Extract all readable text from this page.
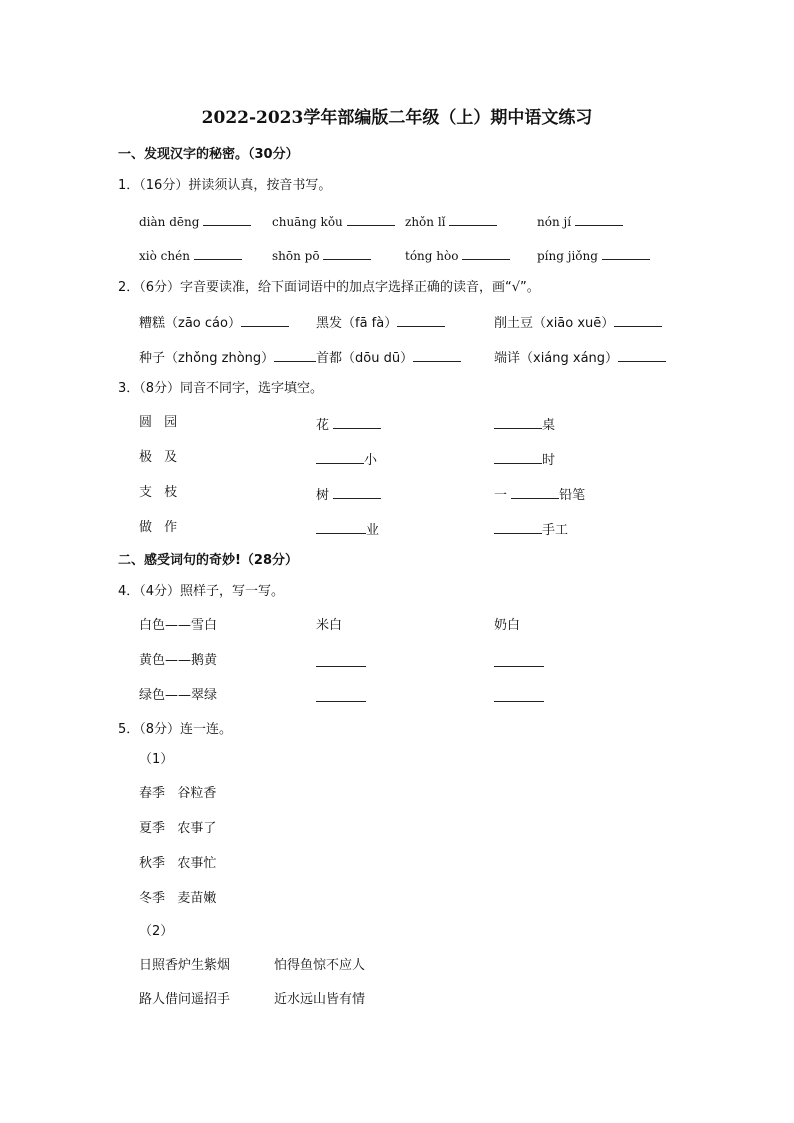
2022-2023学年部编版二年级（上）期中语文练习
一、发现汉字的秘密。（30分）
1．（16分）拼读须认真，按音书写。
diàn dēng	chuāng kǒu	zhǒn lǐ	nón jí
xiò chén	shōn pō	tóng hòo	píng jiǒng
2．（6分）字音要读准，给下面词语中的加点字选择正确的读音，画“√”。
糟糕（zāo cáo）	黑发（fā fà）	削土豆（xiāo xuē）
种子（zhǒng zhòng）	首都（dōu dū）	端详（xiáng xáng）
3．（8分）同音不同字，选字填空。
圆 园	花	桌
极 及	小	时
支 枝	树	一	铅笔
做 作	业	手工
二、感受词句的奇妙!（28分）
4．（4分）照样子，写一写。
白色——雪白	米白	奶白
黄色——鹅黄
绿色——翠绿
5．（8分）连一连。
（1）
春季 谷粒香
夏季 农事了
秋季 农事忙
冬季 麦苗嫩
（2）
日照香炉生紫烟	怕得鱼惊不应人
路人借问遥招手	近水远山皆有情
